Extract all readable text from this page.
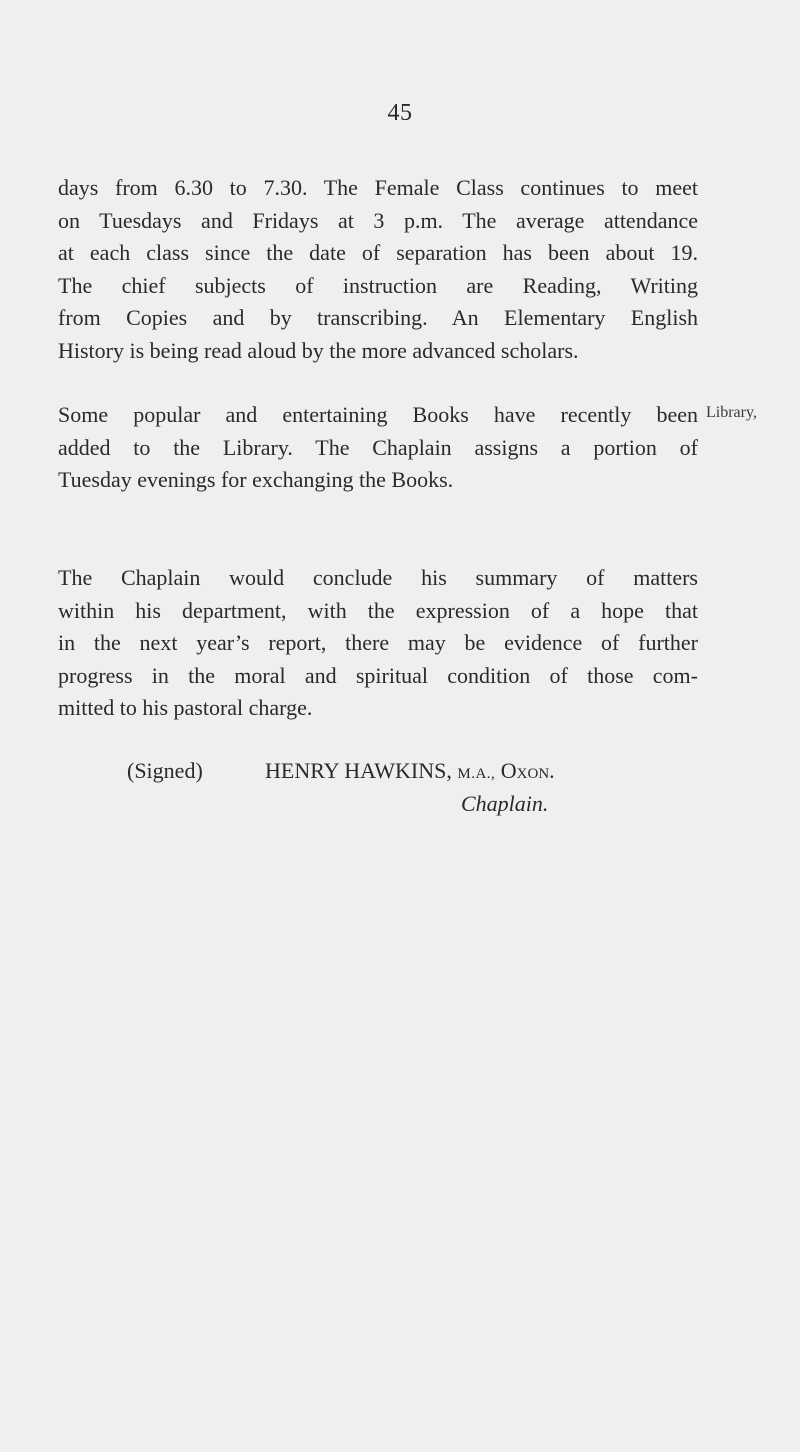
45
days from 6.30 to 7.30. The Female Class continues to meet
on Tuesdays and Fridays at 3 p.m. The average attendance
at each class since the date of separation has been about 19.
The chief subjects of instruction are Reading, Writing
from Copies and by transcribing. An Elementary English
History is being read aloud by the more advanced scholars.
Some popular and entertaining Books have recently been
added to the Library. The Chaplain assigns a portion of
Tuesday evenings for exchanging the Books.
Library,
The Chaplain would conclude his summary of matters
within his department, with the expression of a hope that
in the next year’s report, there may be evidence of further
progress in the moral and spiritual condition of those com-
mitted to his pastoral charge.
(Signed)	HENRY HAWKINS, M.A., Oxon.
Chaplain.
